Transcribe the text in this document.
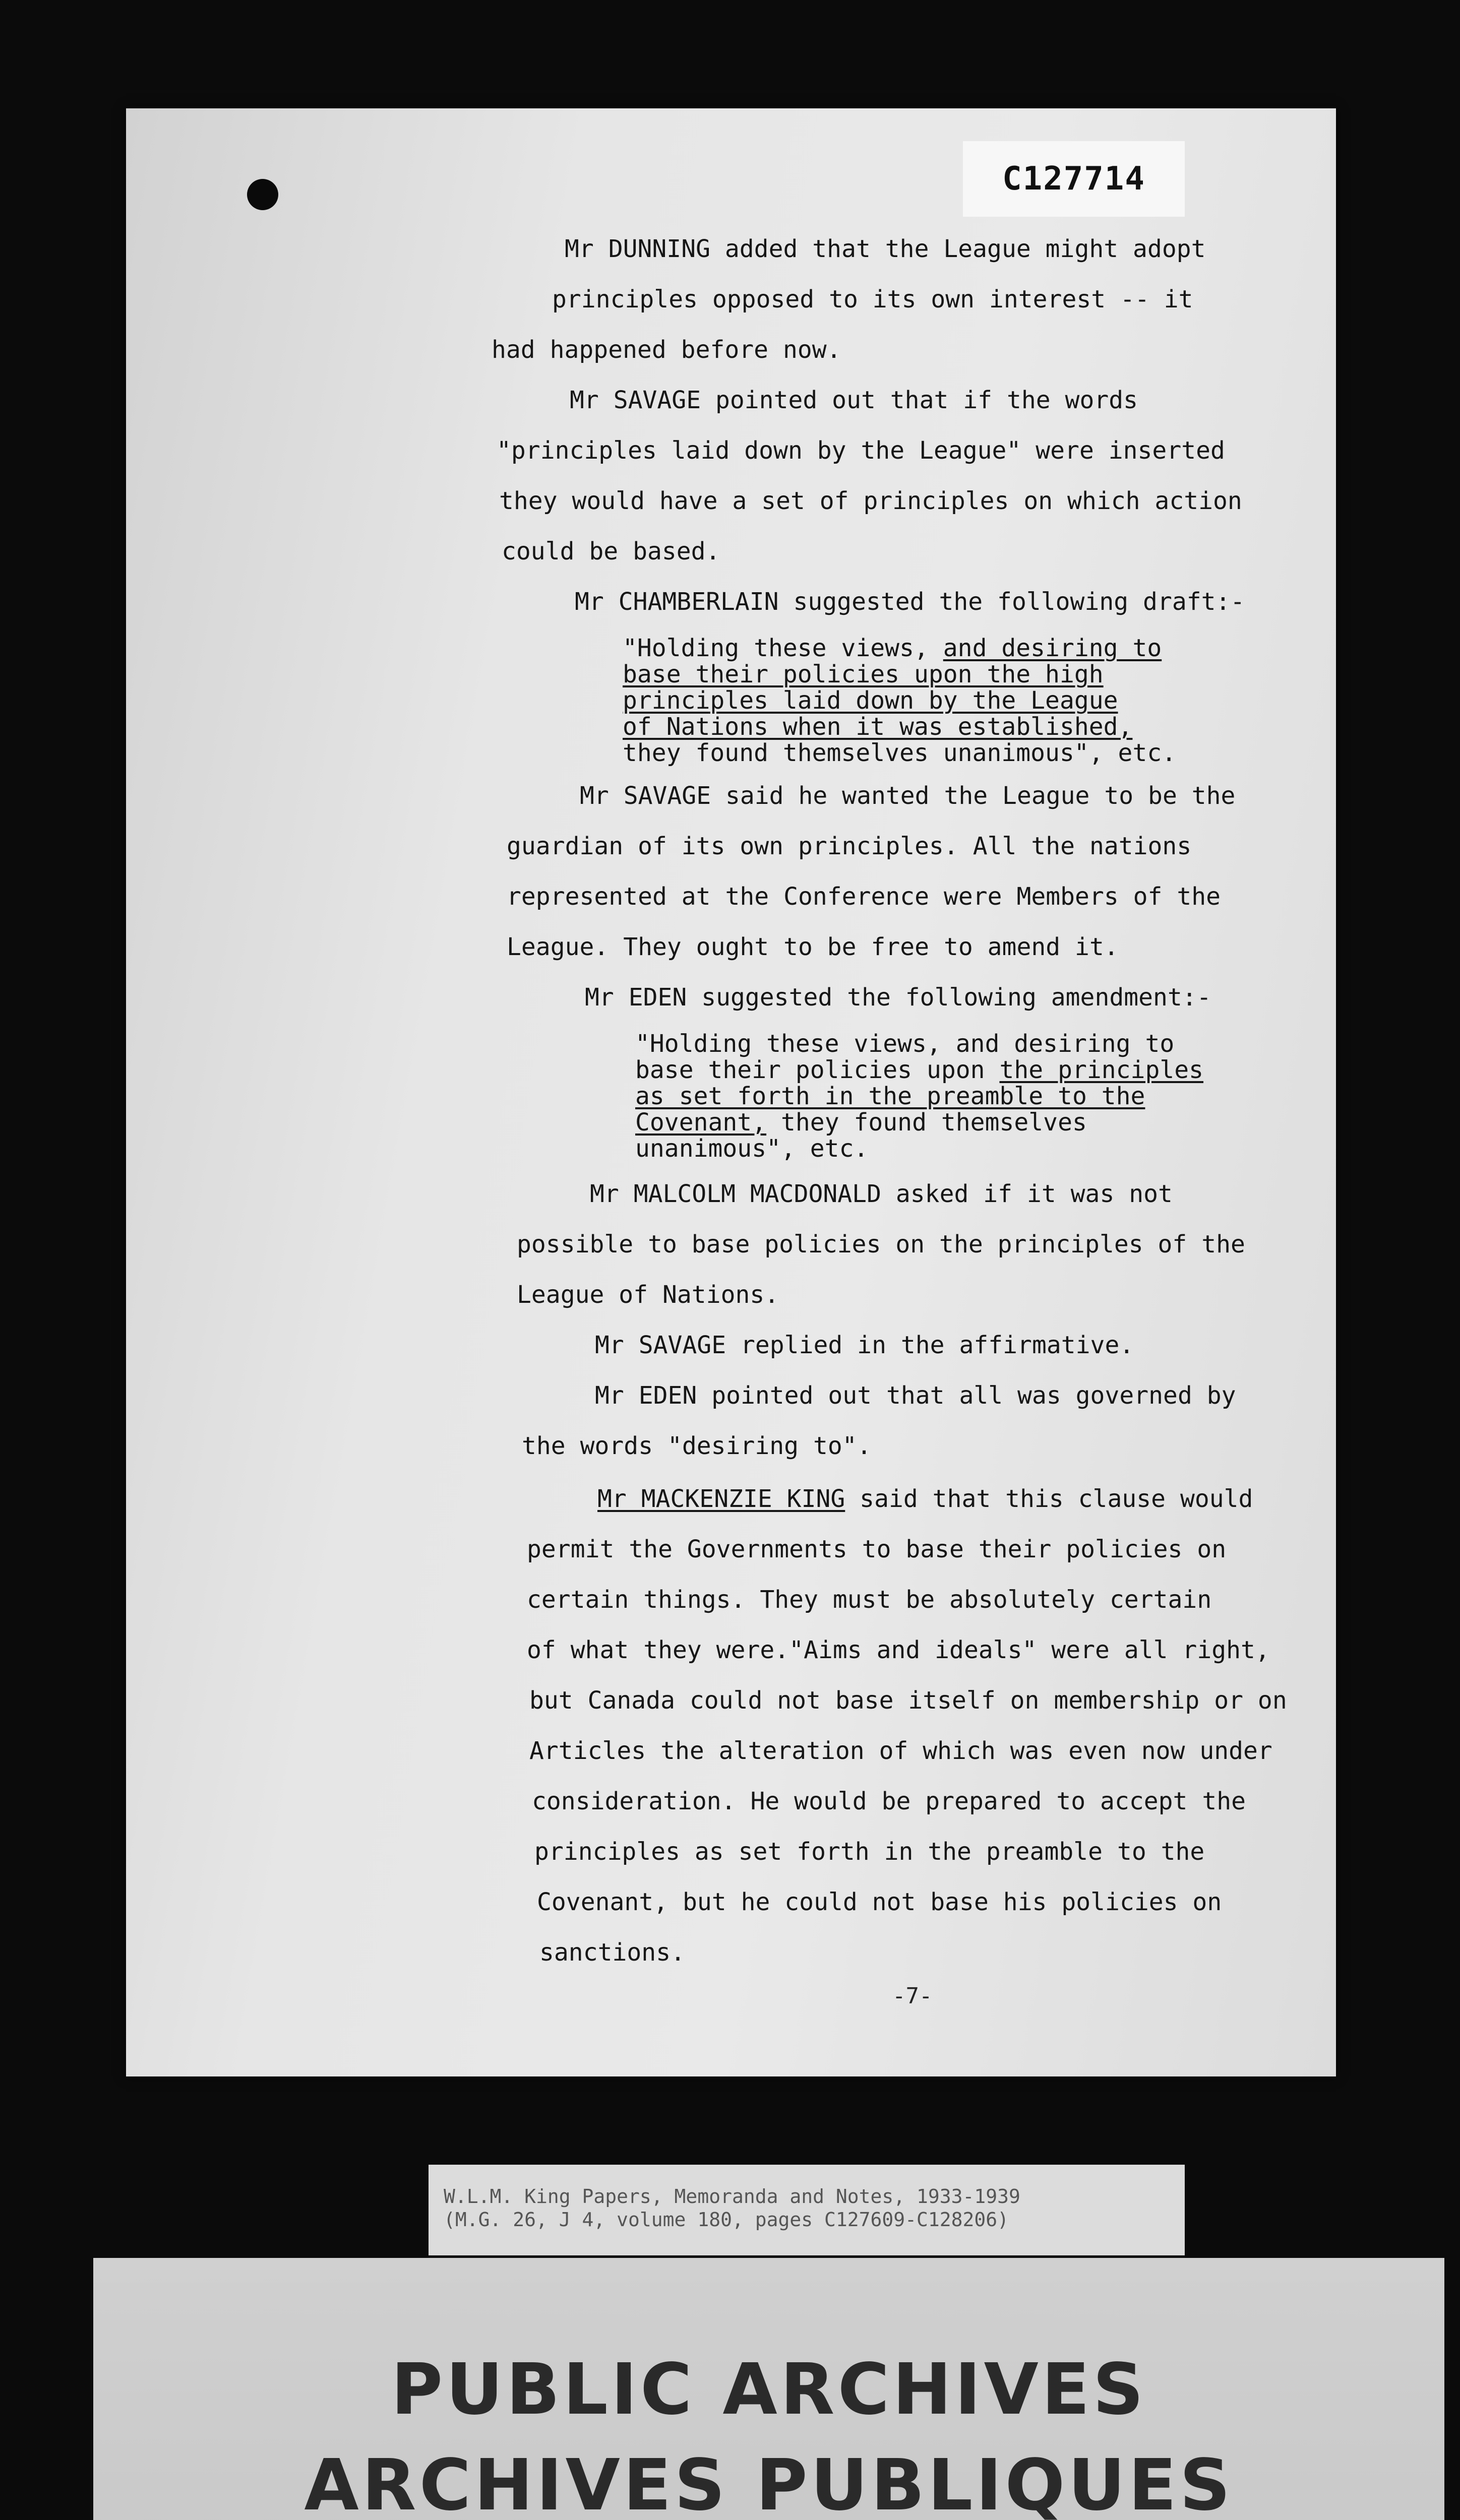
C127714
Mr DUNNING added that the League might adopt
principles opposed to its own interest -- it
had happened before now.
Mr SAVAGE pointed out that if the words
"principles laid down by the League" were inserted
they would have a set of principles on which action
could be based.
Mr CHAMBERLAIN suggested the following draft:-
"Holding these views, and desiring to
base their policies upon the high
principles laid down by the League
of Nations when it was established,
they found themselves unanimous", etc.
Mr SAVAGE said he wanted the League to be the
guardian of its own principles. All the nations
represented at the Conference were Members of the
League. They ought to be free to amend it.
Mr EDEN suggested the following amendment:-
"Holding these views, and desiring to
base their policies upon the principles
as set forth in the preamble to the
Covenant, they found themselves
unanimous", etc.
Mr MALCOLM MACDONALD asked if it was not
possible to base policies on the principles of the
League of Nations.
Mr SAVAGE replied in the affirmative.
Mr EDEN pointed out that all was governed by
the words "desiring to".
Mr MACKENZIE KING said that this clause would
permit the Governments to base their policies on
certain things. They must be absolutely certain
of what they were."Aims and ideals" were all right,
but Canada could not base itself on membership or on
Articles the alteration of which was even now under
consideration. He would be prepared to accept the
principles as set forth in the preamble to the
Covenant, but he could not base his policies on
sanctions.
-7-
W.L.M. King Papers, Memoranda and Notes, 1933-1939
(M.G. 26, J 4, volume 180, pages C127609-C128206)
PUBLIC ARCHIVES
ARCHIVES PUBLIQUES
